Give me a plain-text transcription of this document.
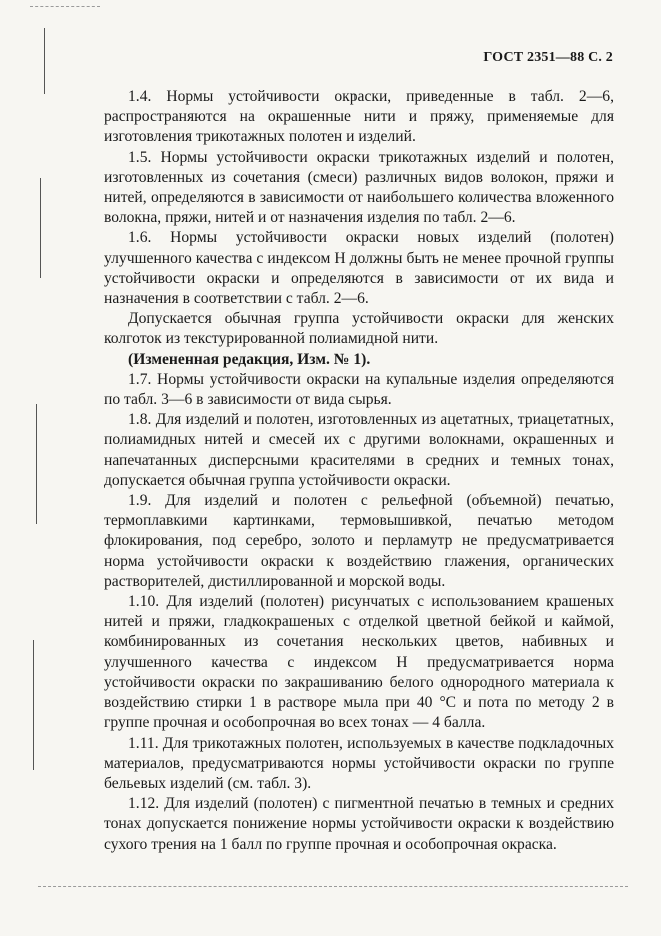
ГОСТ 2351—88 С. 2

1.4. Нормы устойчивости окраски, приведенные в табл. 2—6, распространяются на окрашенные нити и пряжу, применяемые для изготовления трикотажных полотен и изделий.

1.5. Нормы устойчивости окраски трикотажных изделий и полотен, изготовленных из сочетания (смеси) различных видов волокон, пряжи и нитей, определяются в зависимости от наибольшего количества вложенного волокна, пряжи, нитей и от назначения изделия по табл. 2—6.

1.6. Нормы устойчивости окраски новых изделий (полотен) улучшенного качества с индексом Н должны быть не менее прочной группы устойчивости окраски и определяются в зависимости от их вида и назначения в соответствии с табл. 2—6.

Допускается обычная группа устойчивости окраски для женских колготок из текстурированной полиамидной нити.

(Измененная редакция, Изм. № 1).

1.7. Нормы устойчивости окраски на купальные изделия определяются по табл. 3—6 в зависимости от вида сырья.

1.8. Для изделий и полотен, изготовленных из ацетатных, триацетатных, полиамидных нитей и смесей их с другими волокнами, окрашенных и напечатанных дисперсными красителями в средних и темных тонах, допускается обычная группа устойчивости окраски.

1.9. Для изделий и полотен с рельефной (объемной) печатью, термоплавкими картинками, термовышивкой, печатью методом флокирования, под серебро, золото и перламутр не предусматривается норма устойчивости окраски к воздействию глажения, органических растворителей, дистиллированной и морской воды.

1.10. Для изделий (полотен) рисунчатых с использованием крашеных нитей и пряжи, гладкокрашеных с отделкой цветной бейкой и каймой, комбинированных из сочетания нескольких цветов, набивных и улучшенного качества с индексом Н предусматривается норма устойчивости окраски по закрашиванию белого однородного материала к воздействию стирки 1 в растворе мыла при 40 °С и пота по методу 2 в группе прочная и особопрочная во всех тонах — 4 балла.

1.11. Для трикотажных полотен, используемых в качестве подкладочных материалов, предусматриваются нормы устойчивости окраски по группе бельевых изделий (см. табл. 3).

1.12. Для изделий (полотен) с пигментной печатью в темных и средних тонах допускается понижение нормы устойчивости окраски к воздействию сухого трения на 1 балл по группе прочная и особопрочная окраска.
